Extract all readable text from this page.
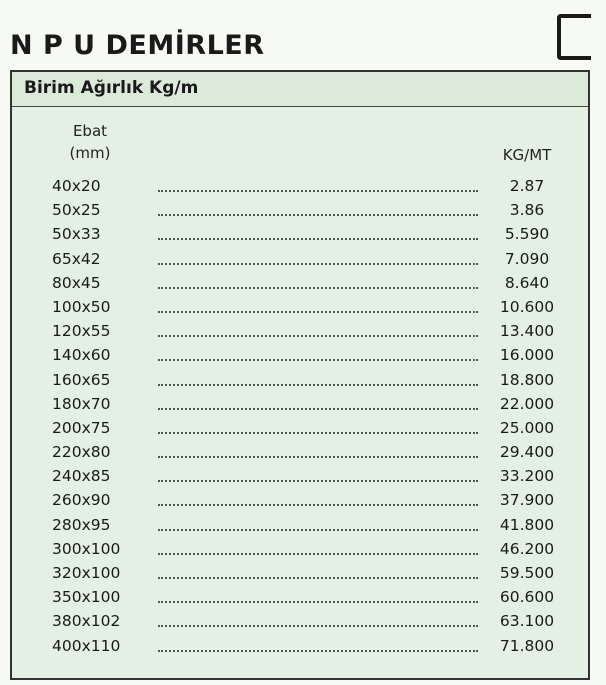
N P U DEMİRLER
Birim Ağırlık Kg/m
Ebat
(mm)	KG/MT
40x20	2.87
50x25	3.86
50x33	5.590
65x42	7.090
80x45	8.640
100x50	10.600
120x55	13.400
140x60	16.000
160x65	18.800
180x70	22.000
200x75	25.000
220x80	29.400
240x85	33.200
260x90	37.900
280x95	41.800
300x100	46.200
320x100	59.500
350x100	60.600
380x102	63.100
400x110	71.800
